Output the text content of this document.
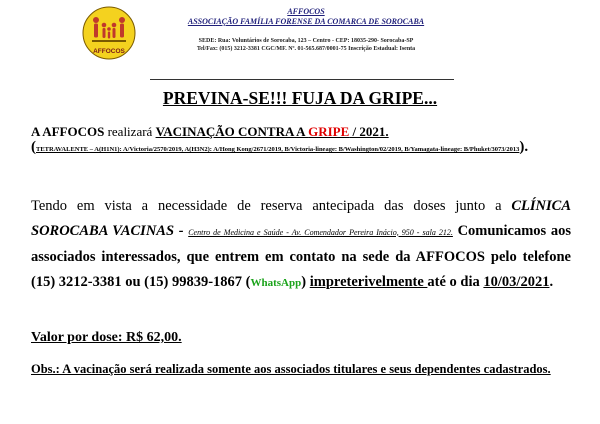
AFFOCOS
AFFOCOS
ASSOCIAÇÃO FAMÍLIA FORENSE DA COMARCA DE SOROCABA
SEDE: Rua: Voluntários de Sorocaba, 123 – Centro - CEP: 18035-290- Sorocaba-SP
Tel/Fax: (015) 3212-3381 CGC/MF. Nº. 01-565.687/0001-75 Inscrição Estadual: Isenta
PREVINA-SE!!! FUJA DA GRIPE...
A AFFOCOS realizará VACINAÇÃO CONTRA A GRIPE / 2021.
(TETRAVALENTE – A(H1N1): A/Victoria/2570/2019, A(H3N2): A/Hong Kong/2671/2019, B/Victoria-lineage: B/Washington/02/2019, B/Yamagata-lineage: B/Phuket/3073/2013).
Tendo em vista a necessidade de reserva antecipada das doses junto a CLÍNICA SOROCABA VACINAS - Centro de Medicina e Saúde - Av. Comendador Pereira Inácio, 950 - sala 212. Comunicamos aos associados interessados, que entrem em contato na sede da AFFOCOS pelo telefone (15) 3212-3381 ou (15) 99839-1867 (WhatsApp) impreterivelmente até o dia 10/03/2021.
Valor por dose: R$ 62,00.
Obs.: A vacinação será realizada somente aos associados titulares e seus dependentes cadastrados.
